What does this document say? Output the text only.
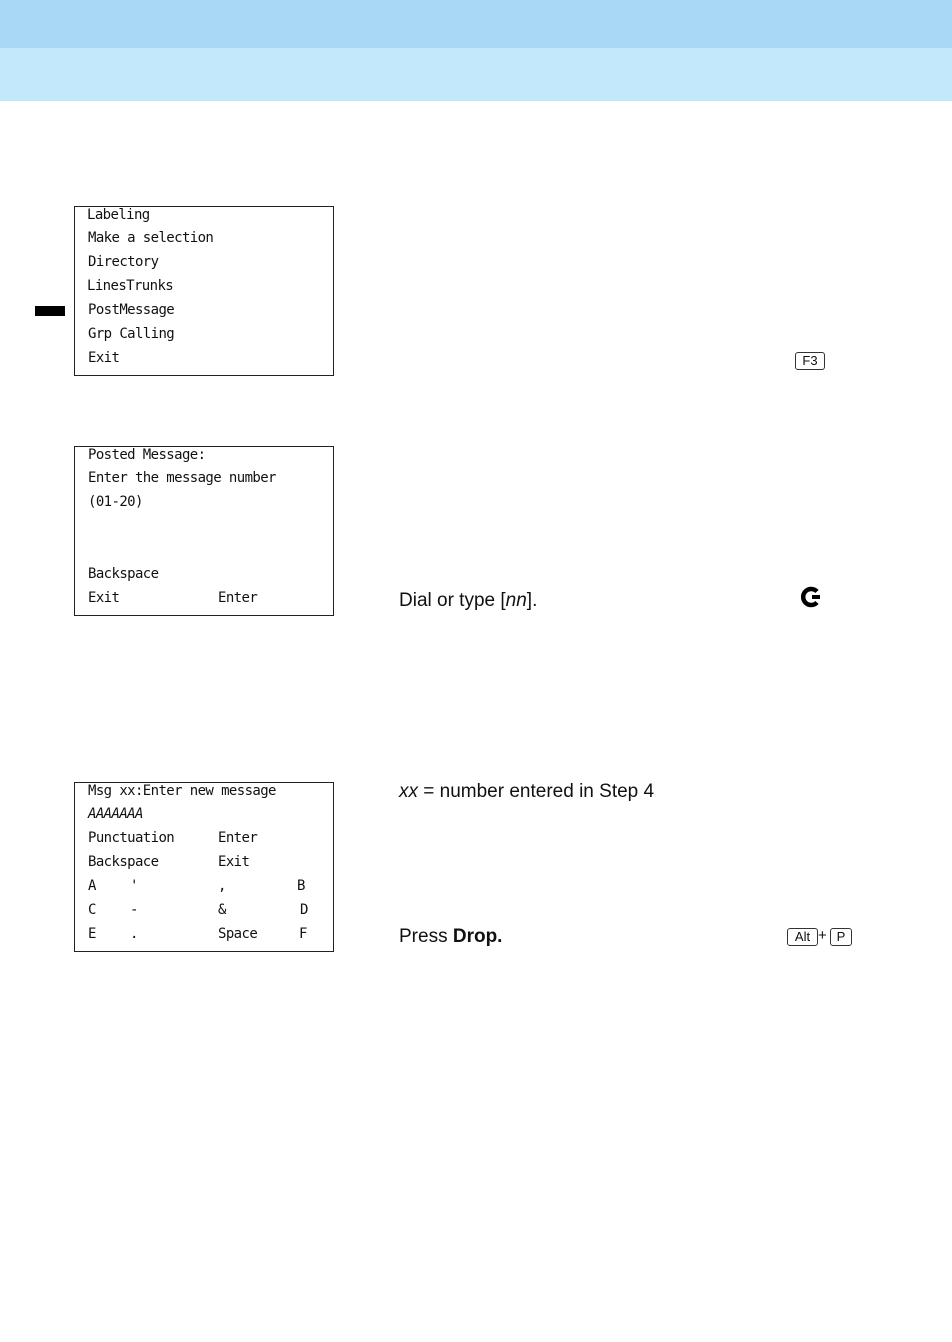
Labeling
Make a selection
Directory
LinesTrunks
PostMessage
Grp Calling
Exit	F3
Posted Message:
Enter the message number
(01-20)
Backspace
Exit	Enter	Dial or type [nn].
Msg xx:Enter new message
AAAAAAA
Punctuation	Enter
Backspace	Exit
A '	,	B
C -	&	D
E .	Space	F
xx = number entered in Step 4
Press Drop.	Alt + P
